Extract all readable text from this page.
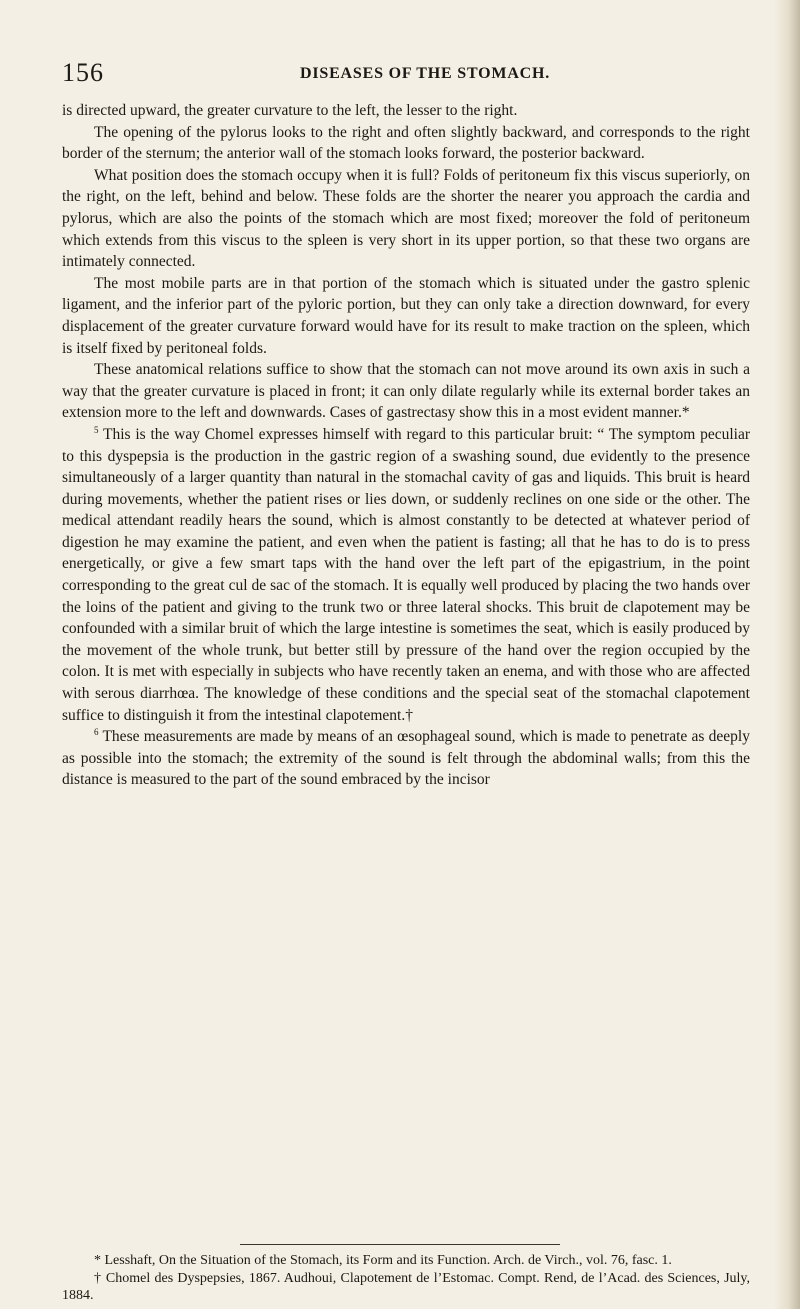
156	DISEASES OF THE STOMACH.

is directed upward, the greater curvature to the left, the lesser to the right.

The opening of the pylorus looks to the right and often slightly backward, and corresponds to the right border of the sternum; the anterior wall of the stomach looks forward, the posterior backward.

What position does the stomach occupy when it is full? Folds of peritoneum fix this viscus superiorly, on the right, on the left, behind and below. These folds are the shorter the nearer you approach the cardia and pylorus, which are also the points of the stomach which are most fixed; moreover the fold of peritoneum which extends from this viscus to the spleen is very short in its upper portion, so that these two organs are intimately connected.

The most mobile parts are in that portion of the stomach which is situated under the gastro splenic ligament, and the inferior part of the pyloric portion, but they can only take a direction downward, for every displacement of the greater curvature forward would have for its result to make traction on the spleen, which is itself fixed by peritoneal folds.

These anatomical relations suffice to show that the stomach can not move around its own axis in such a way that the greater curvature is placed in front; it can only dilate regularly while its external border takes an extension more to the left and downwards. Cases of gastrectasy show this in a most evident manner.*

$^5$ This is the way Chomel expresses himself with regard to this particular bruit: “ The symptom peculiar to this dyspepsia is the production in the gastric region of a swashing sound, due evidently to the presence simultaneously of a larger quantity than natural in the stomachal cavity of gas and liquids. This bruit is heard during movements, whether the patient rises or lies down, or suddenly reclines on one side or the other. The medical attendant readily hears the sound, which is almost constantly to be detected at whatever period of digestion he may examine the patient, and even when the patient is fasting; all that he has to do is to press energetically, or give a few smart taps with the hand over the left part of the epigastrium, in the point corresponding to the great cul de sac of the stomach. It is equally well produced by placing the two hands over the loins of the patient and giving to the trunk two or three lateral shocks. This bruit de clapotement may be confounded with a similar bruit of which the large intestine is sometimes the seat, which is easily produced by the movement of the whole trunk, but better still by pressure of the hand over the region occupied by the colon. It is met with especially in subjects who have recently taken an enema, and with those who are affected with serous diarrhœa. The knowledge of these conditions and the special seat of the stomachal clapotement suffice to distinguish it from the intestinal clapotement.†

$^6$ These measurements are made by means of an œsophageal sound, which is made to penetrate as deeply as possible into the stomach; the extremity of the sound is felt through the abdominal walls; from this the distance is measured to the part of the sound embraced by the incisor

* Lesshaft, On the Situation of the Stomach, its Form and its Function. Arch. de Virch., vol. 76, fasc. 1.

† Chomel des Dyspepsies, 1867. Audhoui, Clapotement de l’Estomac. Compt. Rend, de l’Acad. des Sciences, July, 1884.
